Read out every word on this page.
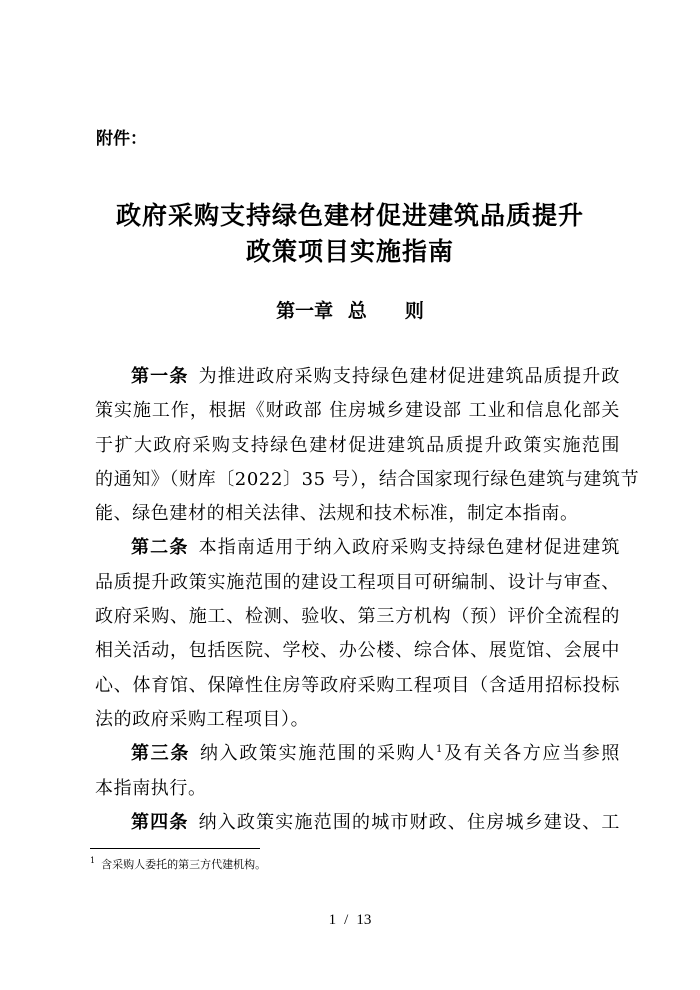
附件：
政府采购支持绿色建材促进建筑品质提升
政策项目实施指南
第一章 总 则
第一条 为推进政府采购支持绿色建材促进建筑品质提升政
策实施工作，根据《财政部 住房城乡建设部 工业和信息化部关
于扩大政府采购支持绿色建材促进建筑品质提升政策实施范围
的通知》（财库〔2022〕35 号），结合国家现行绿色建筑与建筑节
能、绿色建材的相关法律、法规和技术标准，制定本指南。
第二条 本指南适用于纳入政府采购支持绿色建材促进建筑
品质提升政策实施范围的建设工程项目可研编制、设计与审查、
政府采购、施工、检测、验收、第三方机构（预）评价全流程的
相关活动，包括医院、学校、办公楼、综合体、展览馆、会展中
心、体育馆、保障性住房等政府采购工程项目（含适用招标投标
法的政府采购工程项目）。
第三条 纳入政策实施范围的采购人$^1$及有关各方应当参照
本指南执行。
第四条 纳入政策实施范围的城市财政、住房城乡建设、工
$^1$ 含采购人委托的第三方代建机构。
1 / 13
